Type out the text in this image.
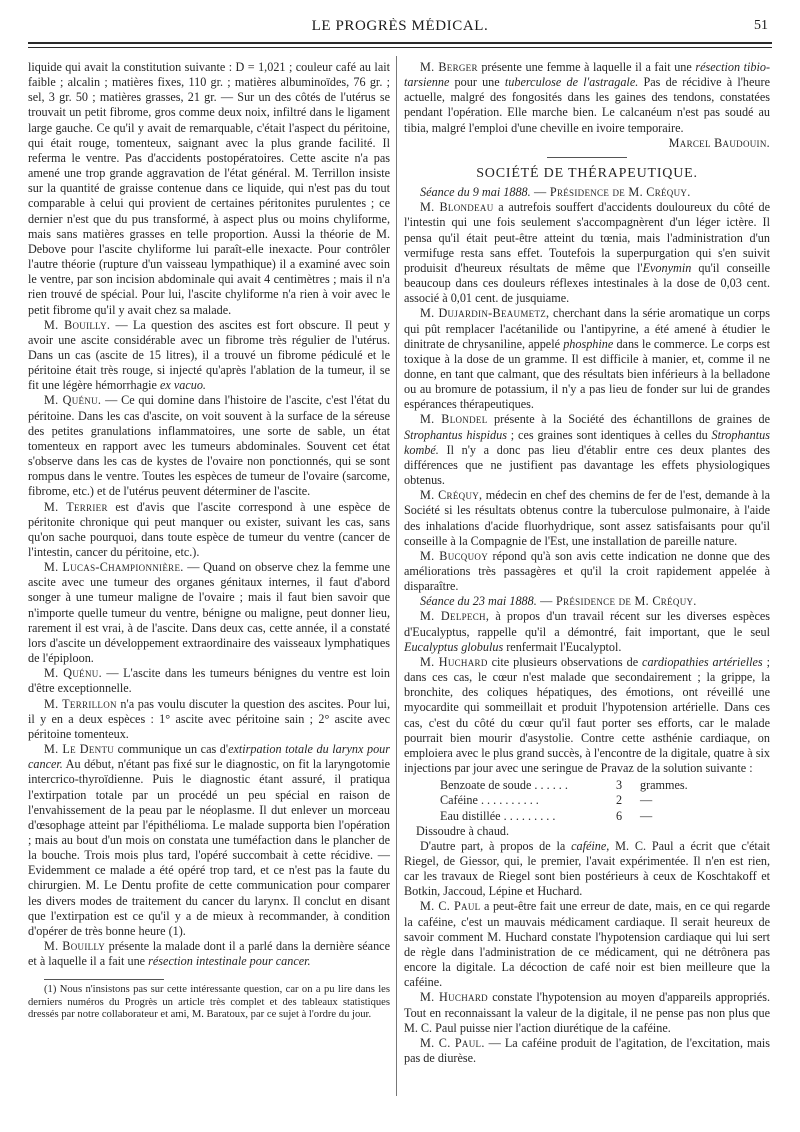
LE PROGRÈS MÉDICAL.	51

liquide qui avait la constitution suivante : D = 1,021 ; couleur café au lait faible ; alcalin ; matières fixes, 110 gr. ; matières albuminoïdes, 76 gr. ; sel, 3 gr. 50 ; matières grasses, 21 gr. — Sur un des côtés de l'utérus se trouvait un petit fibrome, gros comme deux noix, infiltré dans le ligament large gauche. Ce qu'il y avait de remarquable, c'était l'aspect du péritoine, qui était rouge, tomenteux, saignant avec la plus grande facilité. Il referma le ventre. Pas d'accidents postopératoires. Cette ascite n'a pas amené une trop grande aggravation de l'état général. M. Terrillon insiste sur la quantité de graisse contenue dans ce liquide, qui n'est pas du tout comparable à celui qui provient de certaines péritonites purulentes ; ce dernier n'est que du pus transformé, à aspect plus ou moins chyliforme, mais sans matières grasses en telle proportion. Aussi la théorie de M. Debove pour l'ascite chyliforme lui paraît-elle inexacte. Pour contrôler l'autre théorie (rupture d'un vaisseau lympathique) il a examiné avec soin le ventre, par son incision abdominale qui avait 4 centimètres ; mais il n'a rien trouvé de spécial. Pour lui, l'ascite chyliforme n'a rien à voir avec le petit fibrome qu'il y avait chez sa malade.

M. Bouilly. — La question des ascites est fort obscure. Il peut y avoir une ascite considérable avec un fibrome très régulier de l'utérus. Dans un cas (ascite de 15 litres), il a trouvé un fibrome pédiculé et le péritoine était très rouge, si injecté qu'après l'ablation de la tumeur, il se fit une légère hémorrhagie ex vacuo.

M. Quénu. — Ce qui domine dans l'histoire de l'ascite, c'est l'état du péritoine. Dans les cas d'ascite, on voit souvent à la surface de la séreuse des petites granulations inflammatoires, une sorte de sable, un état tomenteux en rapport avec les tumeurs abdominales. Souvent cet état s'observe dans les cas de kystes de l'ovaire non ponctionnés, qui se sont rompus dans le ventre. Toutes les espèces de tumeur de l'ovaire (sarcome, fibrome, etc.) et de l'utérus peuvent déterminer de l'ascite.

M. Terrier est d'avis que l'ascite correspond à une espèce de péritonite chronique qui peut manquer ou exister, suivant les cas, sans qu'on sache pourquoi, dans toute espèce de tumeur du ventre (cancer de l'intestin, cancer du péritoine, etc.).

M. Lucas-Championnière. — Quand on observe chez la femme une ascite avec une tumeur des organes génitaux internes, il faut d'abord songer à une tumeur maligne de l'ovaire ; mais il faut bien savoir que n'importe quelle tumeur du ventre, bénigne ou maligne, peut donner lieu, rarement il est vrai, à de l'ascite. Dans deux cas, cette année, il a constaté lors d'ascite un développement extraordinaire des vaisseaux lymphatiques de l'épiploon.

M. Quénu. — L'ascite dans les tumeurs bénignes du ventre est loin d'être exceptionnelle.

M. Terrillon n'a pas voulu discuter la question des ascites. Pour lui, il y en a deux espèces : 1° ascite avec péritoine sain ; 2° ascite avec péritoine tomenteux.

M. Le Dentu communique un cas d'extirpation totale du larynx pour cancer. Au début, n'étant pas fixé sur le diagnostic, on fit la laryngotomie intercrico-thyroïdienne. Puis le diagnostic étant assuré, il pratiqua l'extirpation totale par un procédé un peu spécial en raison de l'envahissement de la peau par le néoplasme. Il dut enlever un morceau d'œsophage atteint par l'épithélioma. Le malade supporta bien l'opération ; mais au bout d'un mois on constata une tuméfaction dans le plancher de la bouche. Trois mois plus tard, l'opéré succombait à cette récidive. — Evidemment ce malade a été opéré trop tard, et ce n'est pas la faute du chirurgien. M. Le Dentu profite de cette communication pour comparer les divers modes de traitement du cancer du larynx. Il conclut en disant que l'extirpation est ce qu'il y a de mieux à recommander, à condition d'opérer de très bonne heure (1).

M. Bouilly présente la malade dont il a parlé dans la dernière séance et à laquelle il a fait une résection intestinale pour cancer.

(1) Nous n'insistons pas sur cette intéressante question, car on a pu lire dans les derniers numéros du Progrès un article très complet et des tableaux statistiques dressés par notre collaborateur et ami, M. Baratoux, par ce sujet à l'ordre du jour.

M. Berger présente une femme à laquelle il a fait une résection tibio-tarsienne pour une tuberculose de l'astragale. Pas de récidive à l'heure actuelle, malgré des fongosités dans les gaines des tendons, constatées pendant l'opération. Elle marche bien. Le calcanéum n'est pas soudé au tibia, malgré l'emploi d'une cheville en ivoire temporaire.

Marcel Baudouin.

SOCIÉTÉ DE THÉRAPEUTIQUE.

Séance du 9 mai 1888. — Présidence de M. Créquy.

M. Blondeau a autrefois souffert d'accidents douloureux du côté de l'intestin qui une fois seulement s'accompagnèrent d'un léger ictère. Il pensa qu'il était peut-être atteint du tœnia, mais l'administration d'un vermifuge resta sans effet. Toutefois la superpurgation qui s'en suivit produisit d'heureux résultats de même que l'Evonymin qu'il conseille beaucoup dans ces douleurs réflexes intestinales à la dose de 0,03 cent. associé à 0,01 cent. de jusquiame.

M. Dujardin-Beaumetz, cherchant dans la série aromatique un corps qui pût remplacer l'acétanilide ou l'antipyrine, a été amené à étudier le dinitrate de chrysaniline, appelé phosphine dans le commerce. Le corps est toxique à la dose de un gramme. Il est difficile à manier, et, comme il ne donne, en tant que calmant, que des résultats bien inférieurs à la belladone ou au bromure de potassium, il n'y a pas lieu de fonder sur lui de grandes espérances thérapeutiques.

M. Blondel présente à la Société des échantillons de graines de Strophantus hispidus ; ces graines sont identiques à celles du Strophantus kombé. Il n'y a donc pas lieu d'établir entre ces deux plantes des différences que ne justifient pas davantage les effets physiologiques obtenus.

M. Créquy, médecin en chef des chemins de fer de l'est, demande à la Société si les résultats obtenus contre la tuberculose pulmonaire, à l'aide des inhalations d'acide fluorhydrique, sont assez satisfaisants pour qu'il conseille à la Compagnie de l'Est, une installation de pareille nature.

M. Bucquoy répond qu'à son avis cette indication ne donne que des améliorations très passagères et qu'il la croit rapidement appelée à disparaître.

Séance du 23 mai 1888. — Présidence de M. Créquy.

M. Delpech, à propos d'un travail récent sur les diverses espèces d'Eucalyptus, rappelle qu'il a démontré, fait important, que le seul Eucalyptus globulus renfermait l'Eucalyptol.

M. Huchard cite plusieurs observations de cardiopathies artérielles ; dans ces cas, le cœur n'est malade que secondairement ; la grippe, la bronchite, des coliques hépatiques, des émotions, ont réveillé une myocardite qui sommeillait et produit l'hypotension artérielle. Dans ces cas, c'est du côté du cœur qu'il faut porter ses efforts, car le malade pourrait bien mourir d'asystolie. Contre cette asthénie cardiaque, on emploiera avec le plus grand succès, à l'encontre de la digitale, quatre à six injections par jour avec une seringue de Pravaz de la solution suivante :

Benzoate de soude . . . . . .	3	grammes.
Caféine . . . . . . . . . .	2	—
Eau distillée . . . . . . . . .	6	—
Dissoudre à chaud.

D'autre part, à propos de la caféine, M. C. Paul a écrit que c'était Riegel, de Giessor, qui, le premier, l'avait expérimentée. Il n'en est rien, car les travaux de Riegel sont bien postérieurs à ceux de Koschtakoff et Botkin, Jaccoud, Lépine et Huchard.

M. C. Paul a peut-être fait une erreur de date, mais, en ce qui regarde la caféine, c'est un mauvais médicament cardiaque. Il serait heureux de savoir comment M. Huchard constate l'hypotension cardiaque qui lui sert de règle dans l'administration de ce médicament, qui ne détrônera pas encore la digitale. La décoction de café noir est bien meilleure que la caféine.

M. Huchard constate l'hypotension au moyen d'appareils appropriés. Tout en reconnaissant la valeur de la digitale, il ne pense pas non plus que M. C. Paul puisse nier l'action diurétique de la caféine.

M. C. Paul. — La caféine produit de l'agitation, de l'excitation, mais pas de diurèse.
